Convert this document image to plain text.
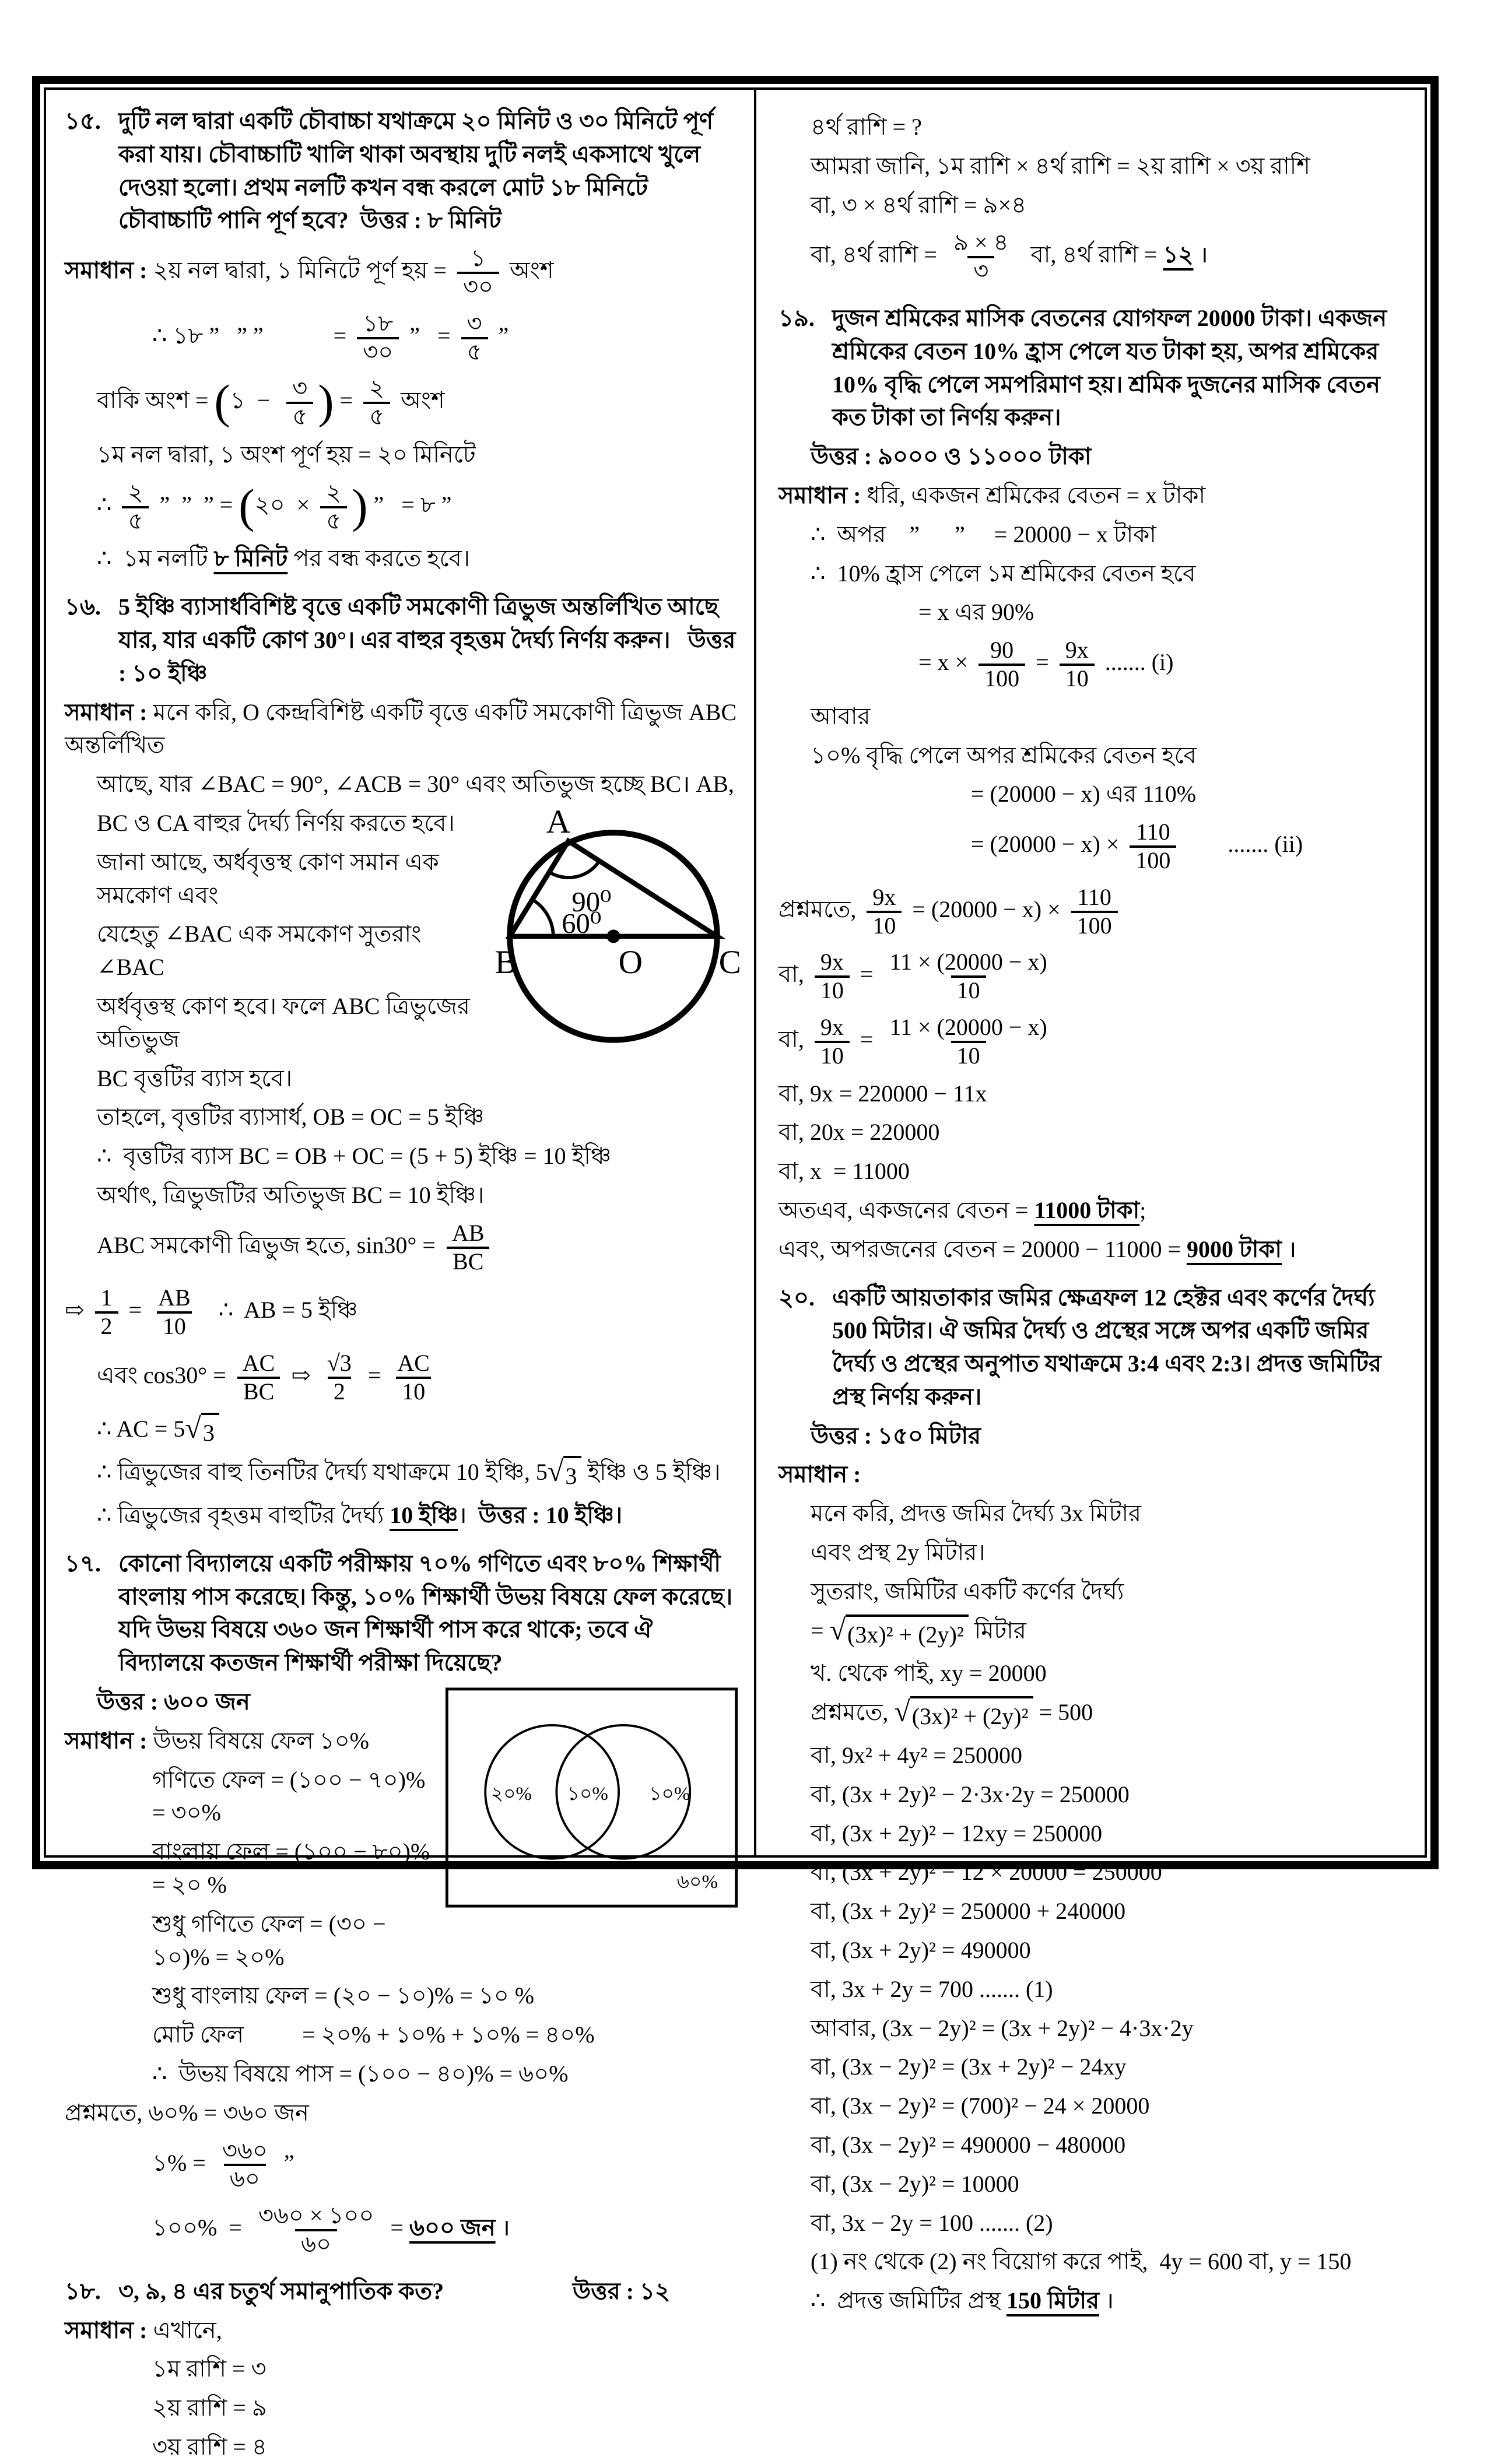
১৫. দুটি নল দ্বারা একটি চৌবাচ্চা যথাক্রমে ২০ মিনিট ও ৩০ মিনিটে পূর্ণ করা যায়। চৌবাচ্চাটি খালি থাকা অবস্থায় দুটি নলই একসাথে খুলে দেওয়া হলো। প্রথম নলটি কখন বন্ধ করলে মোট ১৮ মিনিটে চৌবাচ্চাটি পানি পূর্ণ হবে?  উত্তর : ৮ মিনিট
সমাধান : ২য় নল দ্বারা, ১ মিনিটে পূর্ণ হয় = $\frac{১}{৩০}$ অংশ
∴ ১৮ ”   ” ”            = $\frac{১৮}{৩০}$ ”   = $\frac{৩}{৫}$ ”
বাকি অংশ = (১  − $\frac{৩}{৫}$ ) = $\frac{২}{৫}$ অংশ
১ম নল দ্বারা, ১ অংশ পূর্ণ হয় = ২০ মিনিটে
∴ $\frac{২}{৫}$ ”  ”  ” = (২০  × $\frac{২}{৫}$ ) ”   = ৮ ”
∴  ১ম নলটি ৮ মিনিট পর বন্ধ করতে হবে।
১৬. 5 ইঞ্চি ব্যাসার্ধবিশিষ্ট বৃত্তে একটি সমকোণী ত্রিভুজ অন্তর্লিখিত আছে যার, যার একটি কোণ 30°। এর বাহুর বৃহত্তম দৈর্ঘ্য নির্ণয় করুন।   উত্তর : ১০ ইঞ্চি
সমাধান : মনে করি, O কেন্দ্রবিশিষ্ট একটি বৃত্তে একটি সমকোণী ত্রিভুজ ABC অন্তর্লিখিত
আছে, যার ∠BAC = 90°, ∠ACB = 30° এবং অতিভুজ হচ্ছে BC। AB,
A
B	C
O
90⁰
60⁰
BC ও CA বাহুর দৈর্ঘ্য নির্ণয় করতে হবে।
জানা আছে, অর্ধবৃত্তস্থ কোণ সমান এক সমকোণ এবং
যেহেতু ∠BAC এক সমকোণ সুতরাং ∠BAC
অর্ধবৃত্তস্থ কোণ হবে। ফলে ABC ত্রিভুজের অতিভুজ
BC বৃত্তটির ব্যাস হবে।
তাহলে, বৃত্তটির ব্যাসার্ধ, OB = OC = 5 ইঞ্চি
∴  বৃত্তটির ব্যাস BC = OB + OC = (5 + 5) ইঞ্চি = 10 ইঞ্চি
অর্থাৎ, ত্রিভুজটির অতিভুজ BC = 10 ইঞ্চি।
ABC সমকোণী ত্রিভুজ হতে, $\sin 30^\circ = \frac{AB}{BC}$
⇨ $\frac{1}{2} = \frac{AB}{10}$ ∴  AB = 5 ইঞ্চি
এবং $\cos 30^\circ = \frac{AC}{BC}$ ⇨ $\frac{√3}{2} = \frac{AC}{10}$
∴ AC = 5 √ 3
∴ ত্রিভুজের বাহু তিনটির দৈর্ঘ্য যথাক্রমে 10 ইঞ্চি, 5 √ 3 ইঞ্চি ও 5 ইঞ্চি।
∴ ত্রিভুজের বৃহত্তম বাহুটির দৈর্ঘ্য 10 ইঞ্চি।  উত্তর : 10 ইঞ্চি।
১৭. কোনো বিদ্যালয়ে একটি পরীক্ষায় ৭০% গণিতে এবং ৮০% শিক্ষার্থী বাংলায় পাস করেছে। কিন্তু, ১০% শিক্ষার্থী উভয় বিষয়ে ফেল করেছে। যদি উভয় বিষয়ে ৩৬০ জন শিক্ষার্থী পাস করে থাকে; তবে ঐ বিদ্যালয়ে কতজন শিক্ষার্থী পরীক্ষা দিয়েছে?
২০% ১০% ১০%
৬০%
উত্তর : ৬০০ জন
সমাধান : উভয় বিষয়ে ফেল ১০%
গণিতে ফেল = (১০০ − ৭০)% = ৩০%
বাংলায় ফেল = (১০০ − ৮০)% = ২০ %
শুধু গণিতে ফেল = (৩০ − ১০)% = ২০%
শুধু বাংলায় ফেল = (২০ − ১০)% = ১০ %
মোট ফেল          = ২০% + ১০% + ১০% = ৪০%
∴  উভয় বিষয়ে পাস = (১০০ − ৪০)% = ৬০%
প্রশ্নমতে, ৬০% = ৩৬০ জন
১% = $\frac{৩৬০}{৬০}$ ”
১০০%  = $\frac{৩৬০ \times ১০০}{৬০}$ = ৬০০ জন ।
১৮. ৩, ৯, ৪ এর চতুর্থ সমানুপাতিক কত?	উত্তর : ১২
সমাধান : এখানে,
১ম রাশি = ৩
২য় রাশি = ৯
৩য় রাশি = ৪
৪র্থ রাশি = ?
আমরা জানি, ১ম রাশি × ৪র্থ রাশি = ২য় রাশি × ৩য় রাশি
বা, ৩ × ৪র্থ রাশি = ৯×৪
বা, ৪র্থ রাশি = $\frac{৯ \times ৪}{৩}$ বা, ৪র্থ রাশি = ১২ ।
১৯. দুজন শ্রমিকের মাসিক বেতনের যোগফল 20000 টাকা। একজন শ্রমিকের বেতন 10% হ্রাস পেলে যত টাকা হয়, অপর শ্রমিকের 10% বৃদ্ধি পেলে সমপরিমাণ হয়। শ্রমিক দুজনের মাসিক বেতন কত টাকা তা নির্ণয় করুন।
উত্তর : ৯০০০ ও ১১০০০ টাকা
সমাধান : ধরি, একজন শ্রমিকের বেতন = x টাকা
∴  অপর    ”      ”     = 20000 − x টাকা
∴  10% হ্রাস পেলে ১ম শ্রমিকের বেতন হবে
= x এর 90%
= $x \times \frac{90}{100} = \frac{9x}{10}$ ....... (i)
আবার
১০% বৃদ্ধি পেলে অপর শ্রমিকের বেতন হবে
= (20000 − x) এর 110%
= $(20000 - x) \times \frac{110}{100}$ ....... (ii)
প্রশ্নমতে, $\frac{9x}{10} = (20000 - x) \times \frac{110}{100}$
বা, $\frac{9x}{10} = \frac{11 \times (20000 - x)}{10}$
বা, $\frac{9x}{10} = \frac{11 \times (20000 - x)}{10}$
বা, 9x = 220000 − 11x
বা, 20x = 220000
বা, x  = 11000
অতএব, একজনের বেতন = 11000 টাকা;
এবং, অপরজনের বেতন = 20000 − 11000 = 9000 টাকা ।
২০. একটি আয়তাকার জমির ক্ষেত্রফল 12 হেক্টর এবং কর্ণের দৈর্ঘ্য 500 মিটার। ঐ জমির দৈর্ঘ্য ও প্রস্থের সঙ্গে অপর একটি জমির দৈর্ঘ্য ও প্রস্থের অনুপাত যথাক্রমে 3:4 এবং 2:3। প্রদত্ত জমিটির প্রস্থ নির্ণয় করুন।
উত্তর : ১৫০ মিটার
সমাধান :
মনে করি, প্রদত্ত জমির দৈর্ঘ্য 3x মিটার
এবং প্রস্থ 2y মিটার।
সুতরাং, জমিটির একটি কর্ণের দৈর্ঘ্য
= √ (3x)² + (2y)² মিটার
খ. থেকে পাই, xy = 20000
প্রশ্নমতে, √ (3x)² + (2y)² = 500
বা, 9x² + 4y² = 250000
বা, (3x + 2y)² − 2·3x·2y = 250000
বা, (3x + 2y)² − 12xy = 250000
বা, (3x + 2y)² − 12 × 20000 = 250000
বা, (3x + 2y)² = 250000 + 240000
বা, (3x + 2y)² = 490000
বা, 3x + 2y = 700 ....... (1)
আবার, (3x − 2y)² = (3x + 2y)² − 4·3x·2y
বা, (3x − 2y)² = (3x + 2y)² − 24xy
বা, (3x − 2y)² = (700)² − 24 × 20000
বা, (3x − 2y)² = 490000 − 480000
বা, (3x − 2y)² = 10000
বা, 3x − 2y = 100 ....... (2)
(1) নং থেকে (2) নং বিয়োগ করে পাই,  4y = 600 বা, y = 150
∴  প্রদত্ত জমিটির প্রস্থ 150 মিটার ।
